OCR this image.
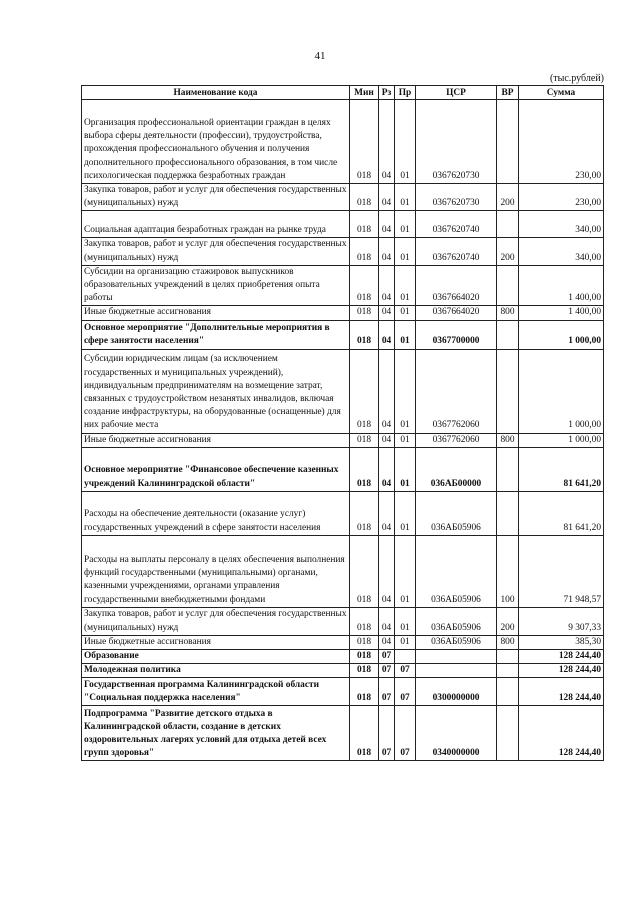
41
(тыс.рублей)
Наименование кода	Мин	Рз	Пр	ЦСР	ВР	Сумма
Организация профессиональной ориентации граждан в целях выбора сферы деятельности (профессии), трудоустройства, прохождения профессионального обучения и получения дополнительного профессионального образования, в том числе психологическая поддержка безработных граждан	018	04	01	0367620730		230,00
Закупка товаров, работ и услуг для обеспечения государственных (муниципальных) нужд	018	04	01	0367620730	200	230,00
Социальная адаптация безработных граждан на рынке труда	018	04	01	0367620740		340,00
Закупка товаров, работ и услуг для обеспечения государственных (муниципальных) нужд	018	04	01	0367620740	200	340,00
Субсидии на организацию стажировок выпускников образовательных учреждений в целях приобретения опыта работы	018	04	01	0367664020		1 400,00
Иные бюджетные ассигнования	018	04	01	0367664020	800	1 400,00
Основное мероприятие "Дополнительные мероприятия в сфере занятости населения"	018	04	01	0367700000		1 000,00
Субсидии юридическим лицам (за исключением государственных и муниципальных учреждений), индивидуальным предпринимателям на возмещение затрат, связанных с трудоустройством незанятых инвалидов, включая создание инфраструктуры, на оборудованные (оснащенные) для них рабочие места	018	04	01	0367762060		1 000,00
Иные бюджетные ассигнования	018	04	01	0367762060	800	1 000,00
Основное мероприятие "Финансовое обеспечение казенных учреждений Калининградской области"	018	04	01	036АБ00000		81 641,20
Расходы на обеспечение деятельности (оказание услуг) государственных учреждений в сфере занятости населения	018	04	01	036АБ05906		81 641,20
Расходы на выплаты персоналу в целях обеспечения выполнения функций государственными (муниципальными) органами, казенными учреждениями, органами управления государственными внебюджетными фондами	018	04	01	036АБ05906	100	71 948,57
Закупка товаров, работ и услуг для обеспечения государственных (муниципальных) нужд	018	04	01	036АБ05906	200	9 307,33
Иные бюджетные ассигнования	018	04	01	036АБ05906	800	385,30
Образование	018	07				128 244,40
Молодежная политика	018	07	07			128 244,40
Государственная программа Калининградской области "Социальная поддержка населения"	018	07	07	0300000000		128 244,40
Подпрограмма "Развитие детского отдыха в Калининградской области, создание в детских оздоровительных лагерях условий для отдыха детей всех групп здоровья"	018	07	07	0340000000		128 244,40
